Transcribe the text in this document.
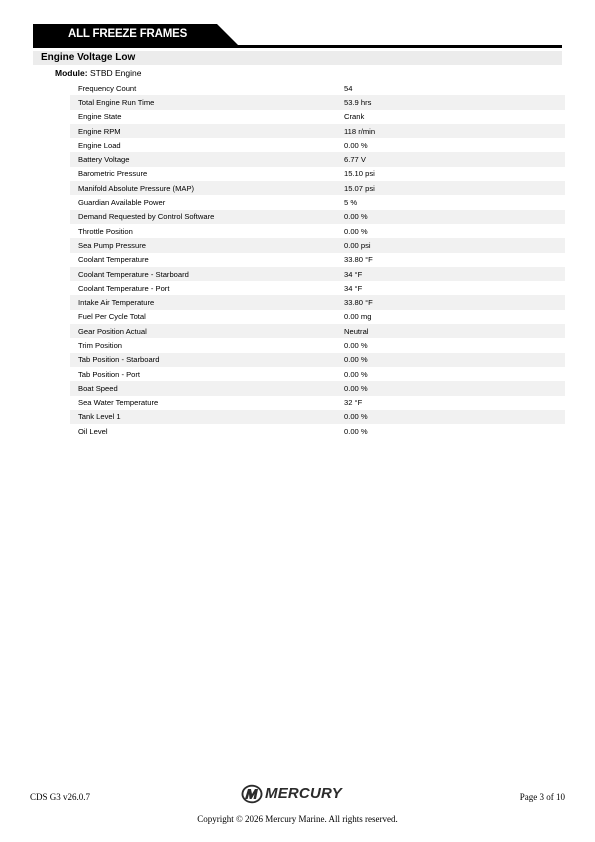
ALL FREEZE FRAMES
Engine Voltage Low
Module: STBD Engine
Frequency Count	54
Total Engine Run Time	53.9 hrs
Engine State	Crank
Engine RPM	118 r/min
Engine Load	0.00 %
Battery Voltage	6.77 V
Barometric Pressure	15.10 psi
Manifold Absolute Pressure (MAP)	15.07 psi
Guardian Available Power	5 %
Demand Requested by Control Software	0.00 %
Throttle Position	0.00 %
Sea Pump Pressure	0.00 psi
Coolant Temperature	33.80 °F
Coolant Temperature - Starboard	34 °F
Coolant Temperature - Port	34 °F
Intake Air Temperature	33.80 °F
Fuel Per Cycle Total	0.00 mg
Gear Position Actual	Neutral
Trim Position	0.00 %
Tab Position - Starboard	0.00 %
Tab Position - Port	0.00 %
Boat Speed	0.00 %
Sea Water Temperature	32 °F
Tank Level 1	0.00 %
Oil Level	0.00 %
CDS G3 v26.0.7	MERCURY	Page 3 of 10
Copyright © 2026 Mercury Marine. All rights reserved.
